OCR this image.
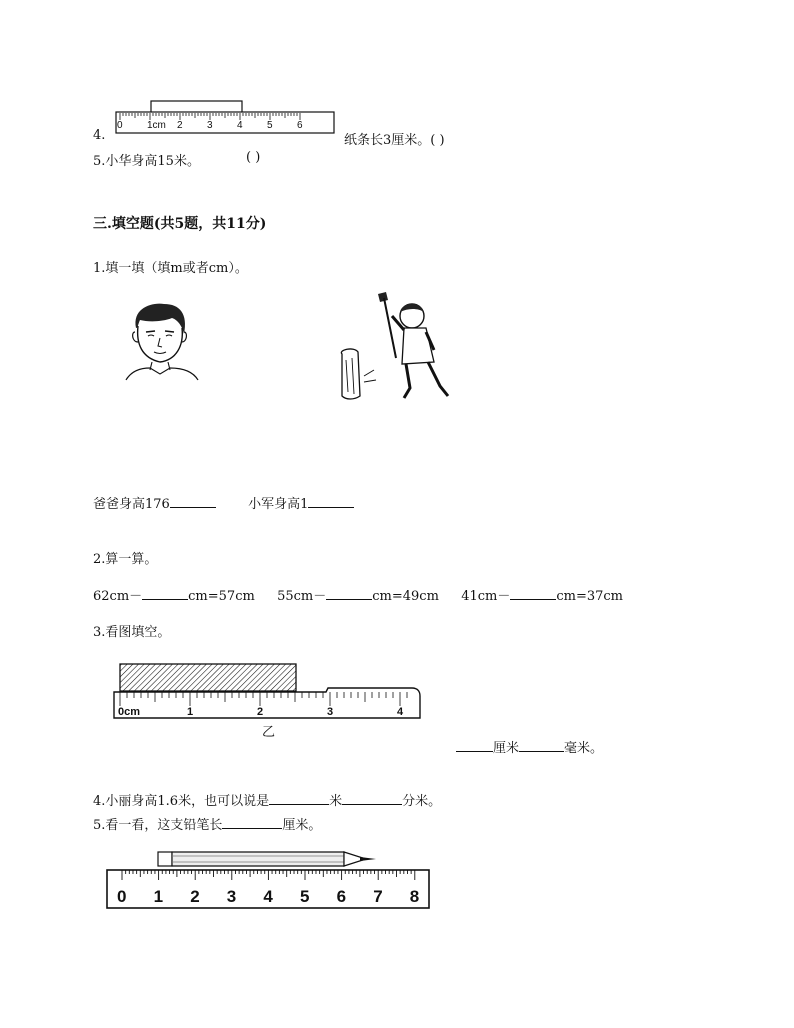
4.
0 1cm 2 3 4 5 6
纸条长3厘米。( )
5.小华身高15米。	( )
三.填空题(共5题，共11分)
1.填一填（填m或者cm）。
爸爸身高176	小军身高1
2.算一算。
62cm－	cm=57cm 55cm－	cm=49cm 41cm－	cm=37cm
3.看图填空。
0cm	1	2	3	4
乙
厘米	毫米。
4.小丽身高1.6米，也可以说是	米	分米。
5.看一看，这支铅笔长	厘米。
0 1 2 3 4 5 6 7 8
